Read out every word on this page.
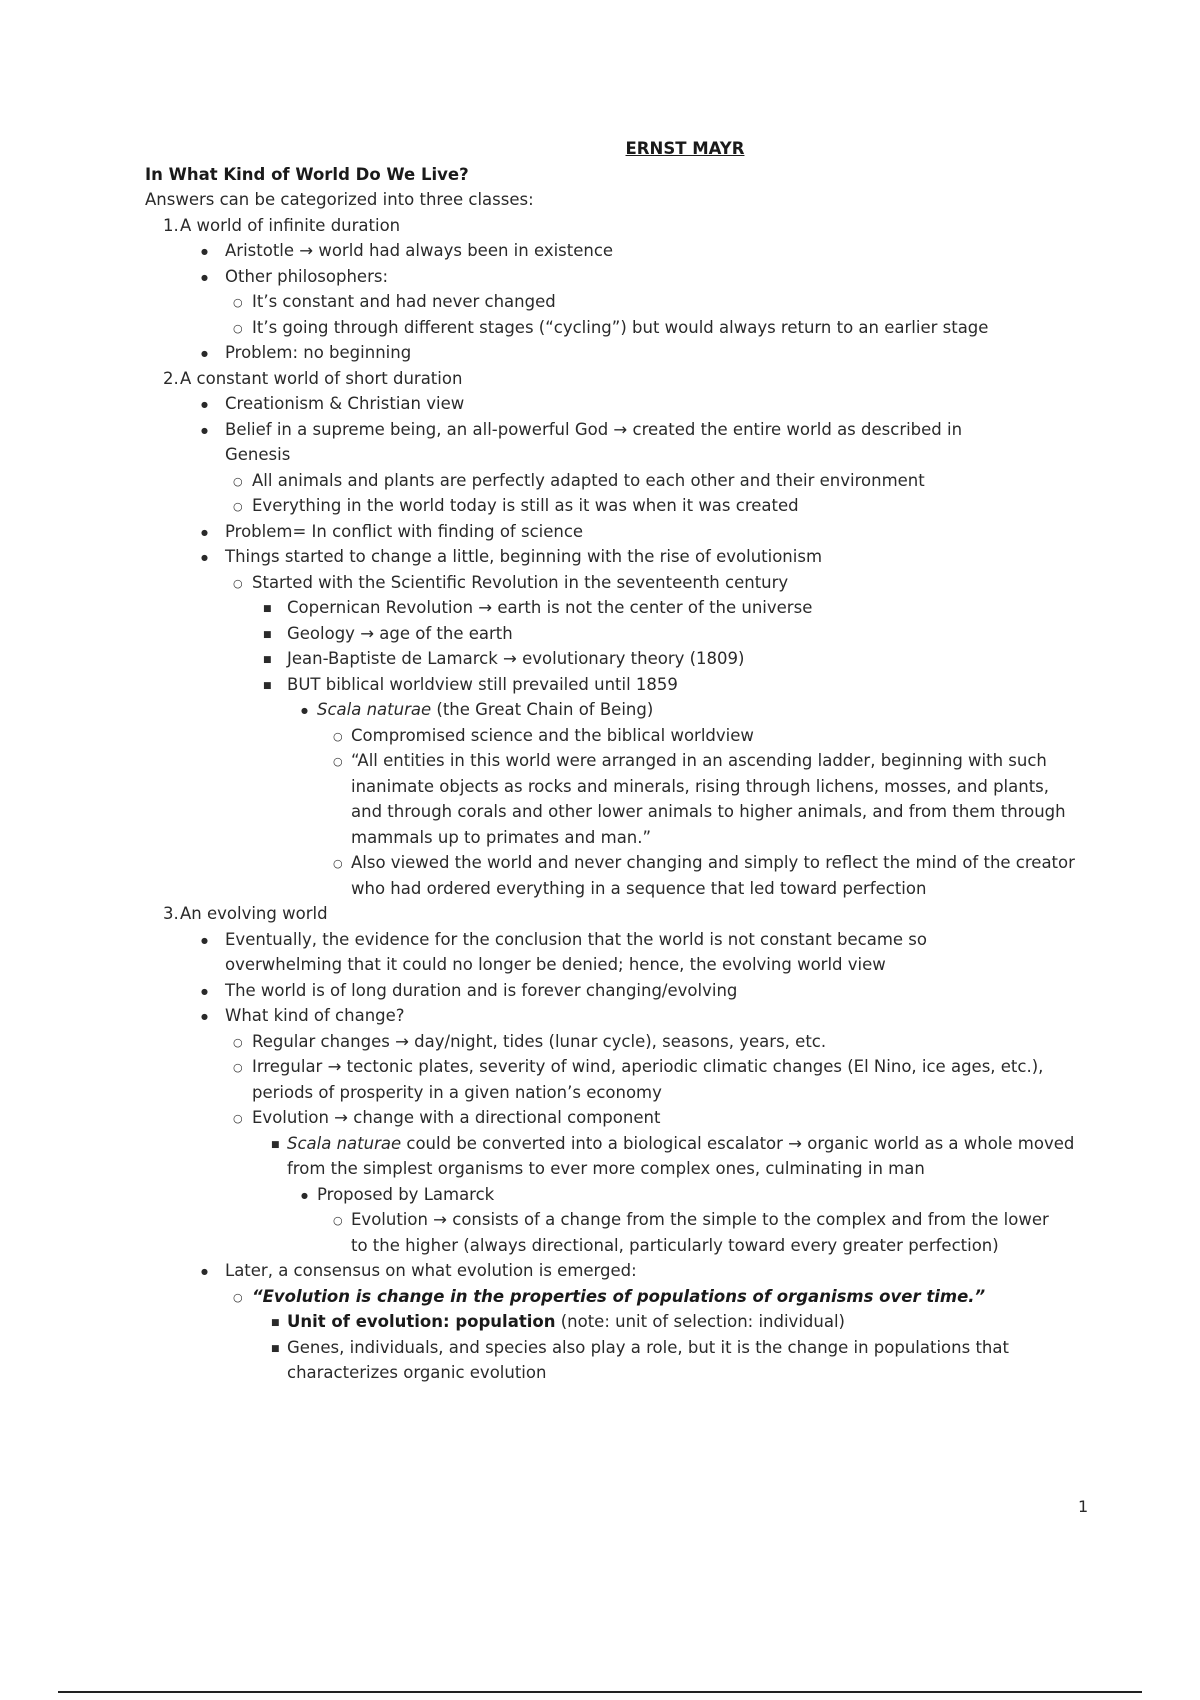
ERNST MAYR
In What Kind of World Do We Live?
Answers can be categorized into three classes:
1. A world of infinite duration
●
Aristotle → world had always been in existence
●
Other philosophers:
○
It’s constant and had never changed
○
It’s going through different stages (“cycling”) but would always return to an earlier stage
●
Problem: no beginning
2. A constant world of short duration
●
Creationism & Christian view
●
Belief in a supreme being, an all-powerful God → created the entire world as described in Genesis
○
All animals and plants are perfectly adapted to each other and their environment
○
Everything in the world today is still as it was when it was created
●
Problem= In conflict with finding of science
●
Things started to change a little, beginning with the rise of evolutionism
○
Started with the Scientific Revolution in the seventeenth century
■
Copernican Revolution → earth is not the center of the universe
■
Geology → age of the earth
■
Jean-Baptiste de Lamarck → evolutionary theory (1809)
■
BUT biblical worldview still prevailed until 1859
●
Scala naturae (the Great Chain of Being)
○
Compromised science and the biblical worldview
○
“All entities in this world were arranged in an ascending ladder, beginning with such inanimate objects as rocks and minerals, rising through lichens, mosses, and plants, and through corals and other lower animals to higher animals, and from them through mammals up to primates and man.”
○
Also viewed the world and never changing and simply to reflect the mind of the creator who had ordered everything in a sequence that led toward perfection
3. An evolving world
●
Eventually, the evidence for the conclusion that the world is not constant became so overwhelming that it could no longer be denied; hence, the evolving world view
●
The world is of long duration and is forever changing/evolving
●
What kind of change?
○
Regular changes → day/night, tides (lunar cycle), seasons, years, etc.
○
Irregular → tectonic plates, severity of wind, aperiodic climatic changes (El Nino, ice ages, etc.), periods of prosperity in a given nation’s economy
○
Evolution → change with a directional component
■
Scala naturae could be converted into a biological escalator → organic world as a whole moved from the simplest organisms to ever more complex ones, culminating in man
●
Proposed by Lamarck
○
Evolution → consists of a change from the simple to the complex and from the lower to the higher (always directional, particularly toward every greater perfection)
●
Later, a consensus on what evolution is emerged:
○
“Evolution is change in the properties of populations of organisms over time.”
■
Unit of evolution: population (note: unit of selection: individual)
■
Genes, individuals, and species also play a role, but it is the change in populations that characterizes organic evolution
1
